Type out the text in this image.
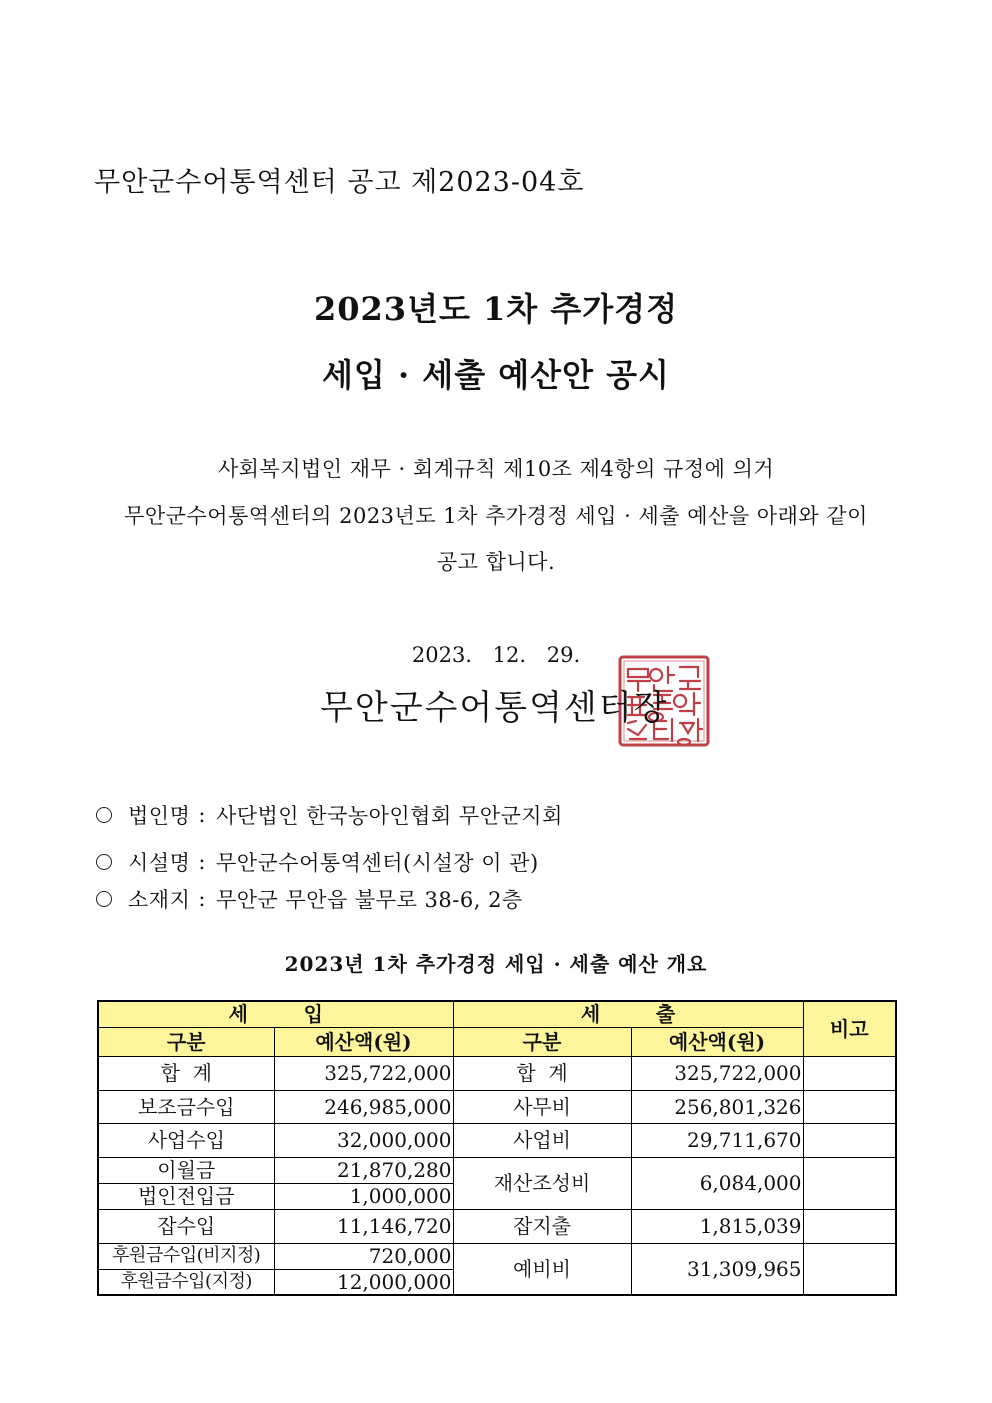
무안군수어통역센터 공고 제2023-04호
2023년도 1차 추가경정
세입 · 세출 예산안 공시
사회복지법인 재무 · 회계규칙 제10조 제4항의 규정에 의거
무안군수어통역센터의 2023년도 1차 추가경정 세입 · 세출 예산을 아래와 같이
공고 합니다.
2023. 12. 29.
무안군수어통역센터장
법인명 : 사단법인 한국농아인협회 무안군지회
시설명 : 무안군수어통역센터(시설장 이 관)
소재지 : 무안군 무안읍 불무로 38-6, 2층
2023년 1차 추가경정 세입 · 세출 예산 개요
세        입		세        출		비고
구분	예산액(원)	구분	예산액(원)	
합  계	325,722,000	합  계	325,722,000	
보조금수입	246,985,000	사무비	256,801,326	
사업수입	32,000,000	사업비	29,711,670	
이월금	21,870,280	재산조성비	6,084,000	
법인전입금	1,000,000			
잡수입	11,146,720	잡지출	1,815,039	
후원금수입(비지정)	720,000	예비비	31,309,965	
후원금수입(지정)	12,000,000			
